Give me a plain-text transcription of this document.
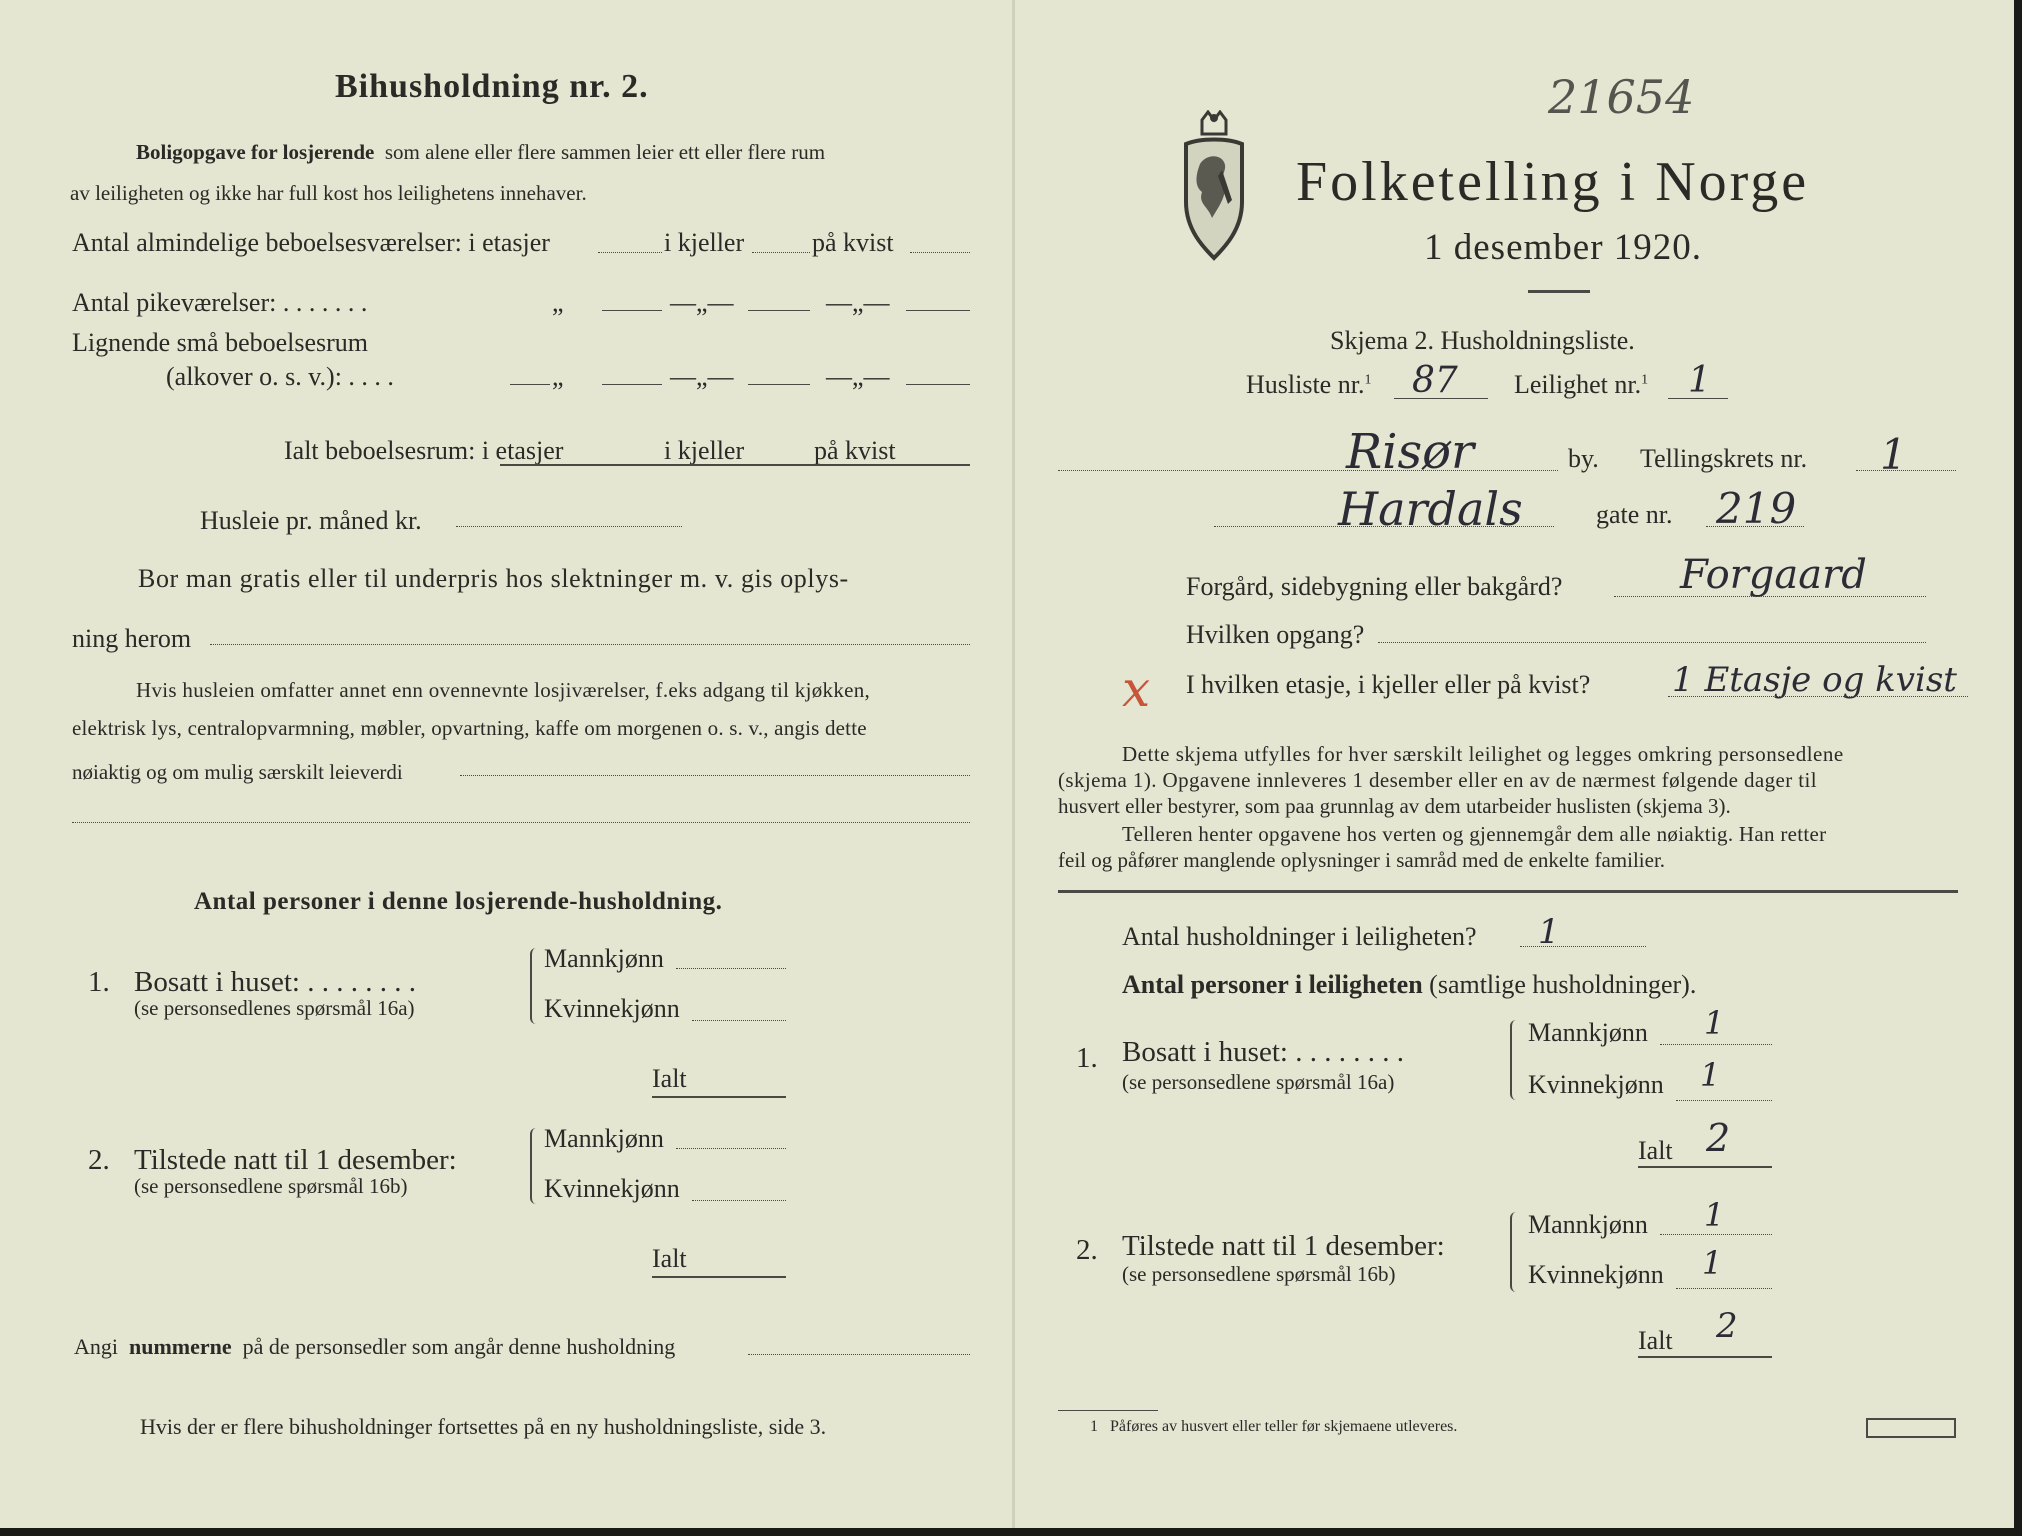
Bihusholdning nr. 2.
Boligopgave for losjerende som alene eller flere sammen leier ett eller flere rum
av leiligheten og ikke har full kost hos leilighetens innehaver.
Antal almindelige beboelsesværelser: i etasjer	i kjeller	på kvist
Antal pikeværelser: . . . . . . .	„	—„—	—„—
Lignende små beboelsesrum
(alkover o. s. v.): . . . .	„	—„—	—„—
Ialt beboelsesrum: i etasjer	i kjeller	på kvist
Husleie pr. måned kr.
Bor man gratis eller til underpris hos slektninger m. v. gis oplys-
ning herom
Hvis husleien omfatter annet enn ovennevnte losjiværelser, f.eks adgang til kjøkken,
elektrisk lys, centralopvarmning, møbler, opvartning, kaffe om morgenen o. s. v., angis dette
nøiaktig og om mulig særskilt leieverdi
Antal personer i denne losjerende-husholdning.
1. Bosatt i huset: . . . . . . . .
(se personsedlenes spørsmål 16a)
Mannkjønn
Kvinnekjønn
Ialt
2. Tilstede natt til 1 desember:
(se personsedlene spørsmål 16b)
Mannkjønn
Kvinnekjønn
Ialt
Angi nummerne på de personsedler som angår denne husholdning
Hvis der er flere bihusholdninger fortsettes på en ny husholdningsliste, side 3.
21654
Folketelling i Norge
1 desember 1920.
Skjema 2. Husholdningsliste.
Husliste nr.$^1$ 87 Leilighet nr.$^1$ 1
Risør	by. Tellingskrets nr. 1
Hardals	gate nr. 219
Forgård, sidebygning eller bakgård?	Forgaard
Hvilken opgang?
x I hvilken etasje, i kjeller eller på kvist? 1 Etasje og kvist
Dette skjema utfylles for hver særskilt leilighet og legges omkring personsedlene
(skjema 1). Opgavene innleveres 1 desember eller en av de nærmest følgende dager til
husvert eller bestyrer, som paa grunnlag av dem utarbeider huslisten (skjema 3).
Telleren henter opgavene hos verten og gjennemgår dem alle nøiaktig. Han retter
feil og påfører manglende oplysninger i samråd med de enkelte familier.
Antal husholdninger i leiligheten? 1
Antal personer i leiligheten (samtlige husholdninger).
1. Bosatt i huset: . . . . . . . .
(se personsedlene spørsmål 16a)
Mannkjønn 1
Kvinnekjønn 1
Ialt 2
2. Tilstede natt til 1 desember:
(se personsedlene spørsmål 16b)
Mannkjønn 1
Kvinnekjønn 1
Ialt 2
1 Påføres av husvert eller teller før skjemaene utleveres.
